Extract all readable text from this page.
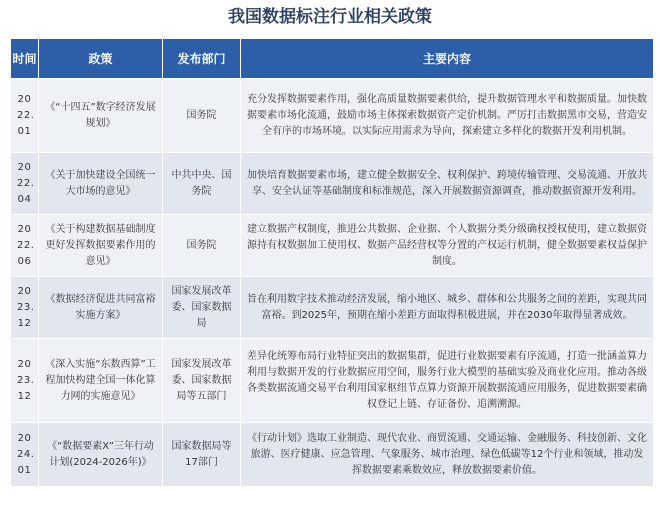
我国数据标注行业相关政策
时间	政策	发布部门	主要内容

20
22.
01	《“十四五”数字经济发展规划》	国务院	充分发挥数据要素作用，强化高质量数据要素供给，提升数据管理水平和数据质量。加快数据要素市场化流通，鼓励市场主体探索数据资产定价机制。严厉打击数据黑市交易，营造安全有序的市场环境。以实际应用需求为导向，探索建立多样化的数据开发利用机制。

20
22.
04	《关于加快建设全国统一大市场的意见》	中共中央、国务院	加快培育数据要素市场，建立健全数据安全、权利保护、跨境传输管理、交易流通、开放共享、安全认证等基础制度和标准规范，深入开展数据资源调查，推动数据资源开发利用。

20
22.
06	《关于构建数据基础制度更好发挥数据要素作用的意见》	国务院	建立数据产权制度，推进公共数据、企业据、个人数据分类分级确权授权使用，建立数据资源持有权数据加工使用权、数据产品经营权等分置的产权运行机制，健全数据要素权益保护制度。

20
23.
12	《数据经济促进共同富裕实施方案》	国家发展改革委、国家数据局	旨在利用数字技术推动经济发展，缩小地区、城乡、群体和公共服务之间的差距，实现共同富裕。到2025年，预期在缩小差距方面取得积极进展，并在2030年取得显著成效。

20
23.
12	《深入实施“东数西算”工程加快构建全国一体化算力网的实施意见》	国家发展改革委、国家数据局等五部门	差异化统筹布局行业特征突出的数据集群，促进行业数据要素有序流通，打造一批涵盖算力利用与数据开发的行业数据应用空间，服务行业大模型的基础实验及商业化应用。推动各级各类数据流通交易平台利用国家枢纽节点算力资源开展数据流通应用服务，促进数据要素确权登记上链、存证备份、追溯溯源。

20
24.
01	《“数据要素X”三年行动计划(2024-2026年)》	国家数据局等17部门	《行动计划》选取工业制造、现代农业、商贸流通、交通运输、金融服务、科技创新、文化旅游、医疗健康、应急管理、气象服务、城市治理、绿色低碳等12个行业和领域，推动发挥数据要素乘数效应，释放数据要素价值。
